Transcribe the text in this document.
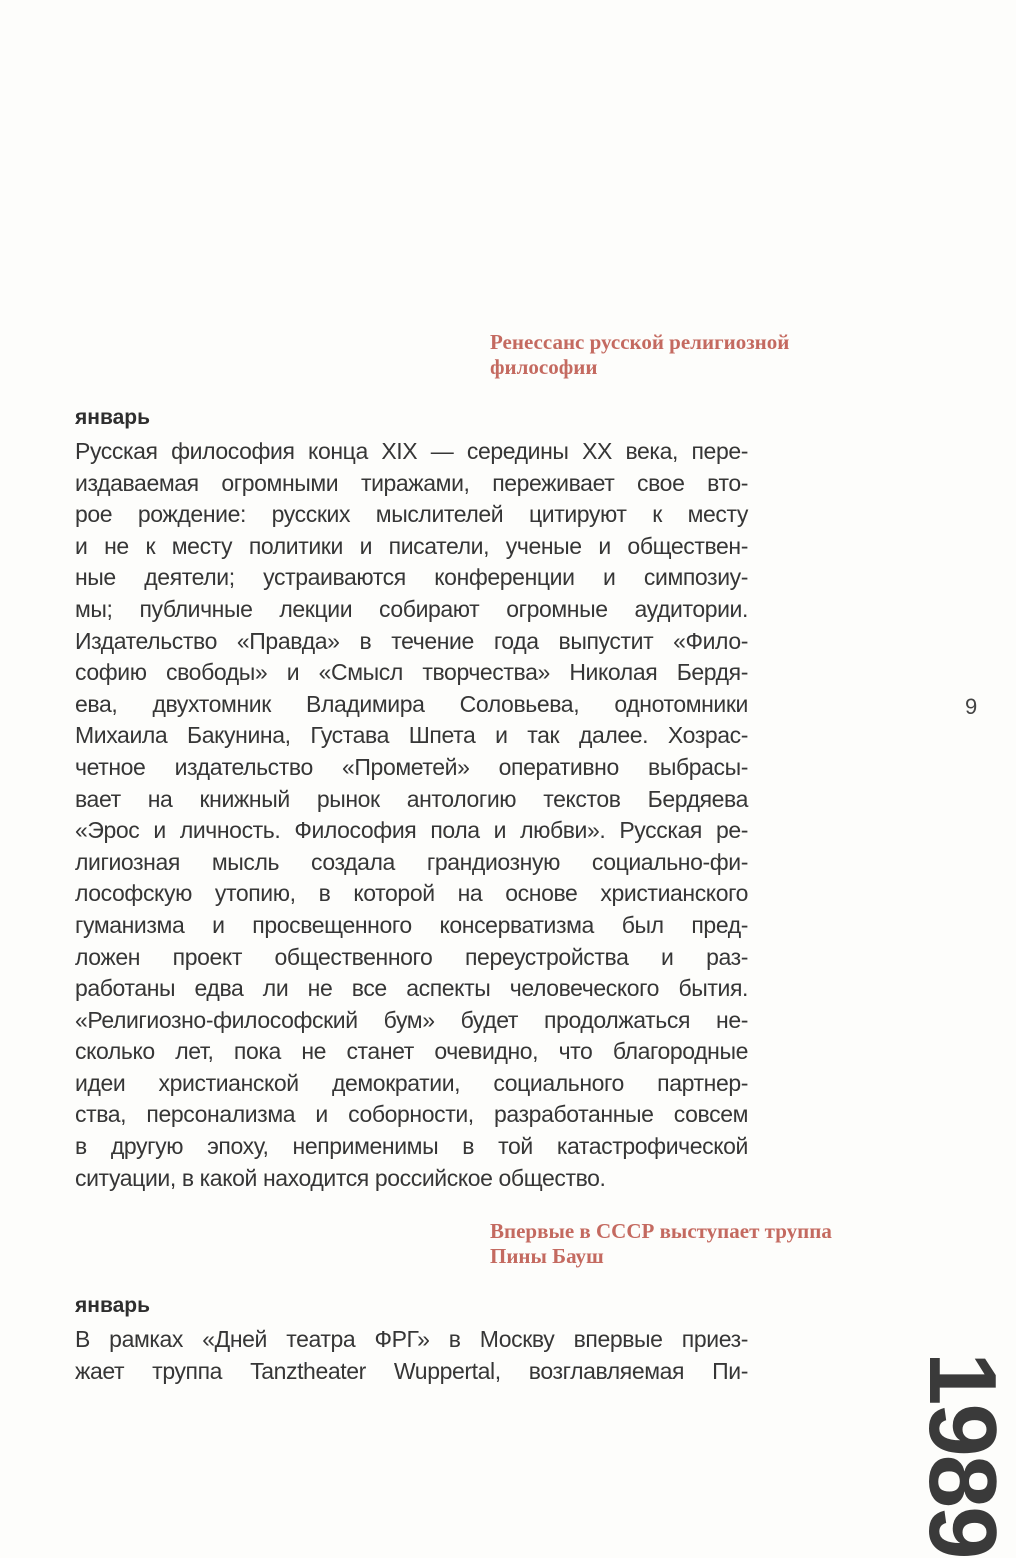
Ренессанс русской религиозной
философии
январь
Русская философия конца XIX — середины XX века, пере-
издаваемая огромными тиражами, переживает свое вто-
рое рождение: русских мыслителей цитируют к месту
и не к месту политики и писатели, ученые и обществен-
ные деятели; устраиваются конференции и симпозиу-
мы; публичные лекции собирают огромные аудитории.
Издательство «Правда» в течение года выпустит «Фило-
софию свободы» и «Смысл творчества» Николая Бердя-
ева, двухтомник Владимира Соловьева, однотомники
Михаила Бакунина, Густава Шпета и так далее. Хозрас-
четное издательство «Прометей» оперативно выбрасы-
вает на книжный рынок антологию текстов Бердяева
«Эрос и личность. Философия пола и любви». Русская ре-
лигиозная мысль создала грандиозную социально-фи-
лософскую утопию, в которой на основе христианского
гуманизма и просвещенного консерватизма был пред-
ложен проект общественного переустройства и раз-
работаны едва ли не все аспекты человеческого бытия.
«Религиозно-философский бум» будет продолжаться не-
сколько лет, пока не станет очевидно, что благородные
идеи христианской демократии, социального партнер-
ства, персонализма и соборности, разработанные совсем
в другую эпоху, неприменимы в той катастрофической
ситуации, в какой находится российское общество.
Впервые в СССР выступает труппа
Пины Бауш
январь
В рамках «Дней театра ФРГ» в Москву впервые приез-
жает труппа Tanztheater Wuppertal, возглавляемая Пи-
9
1989
